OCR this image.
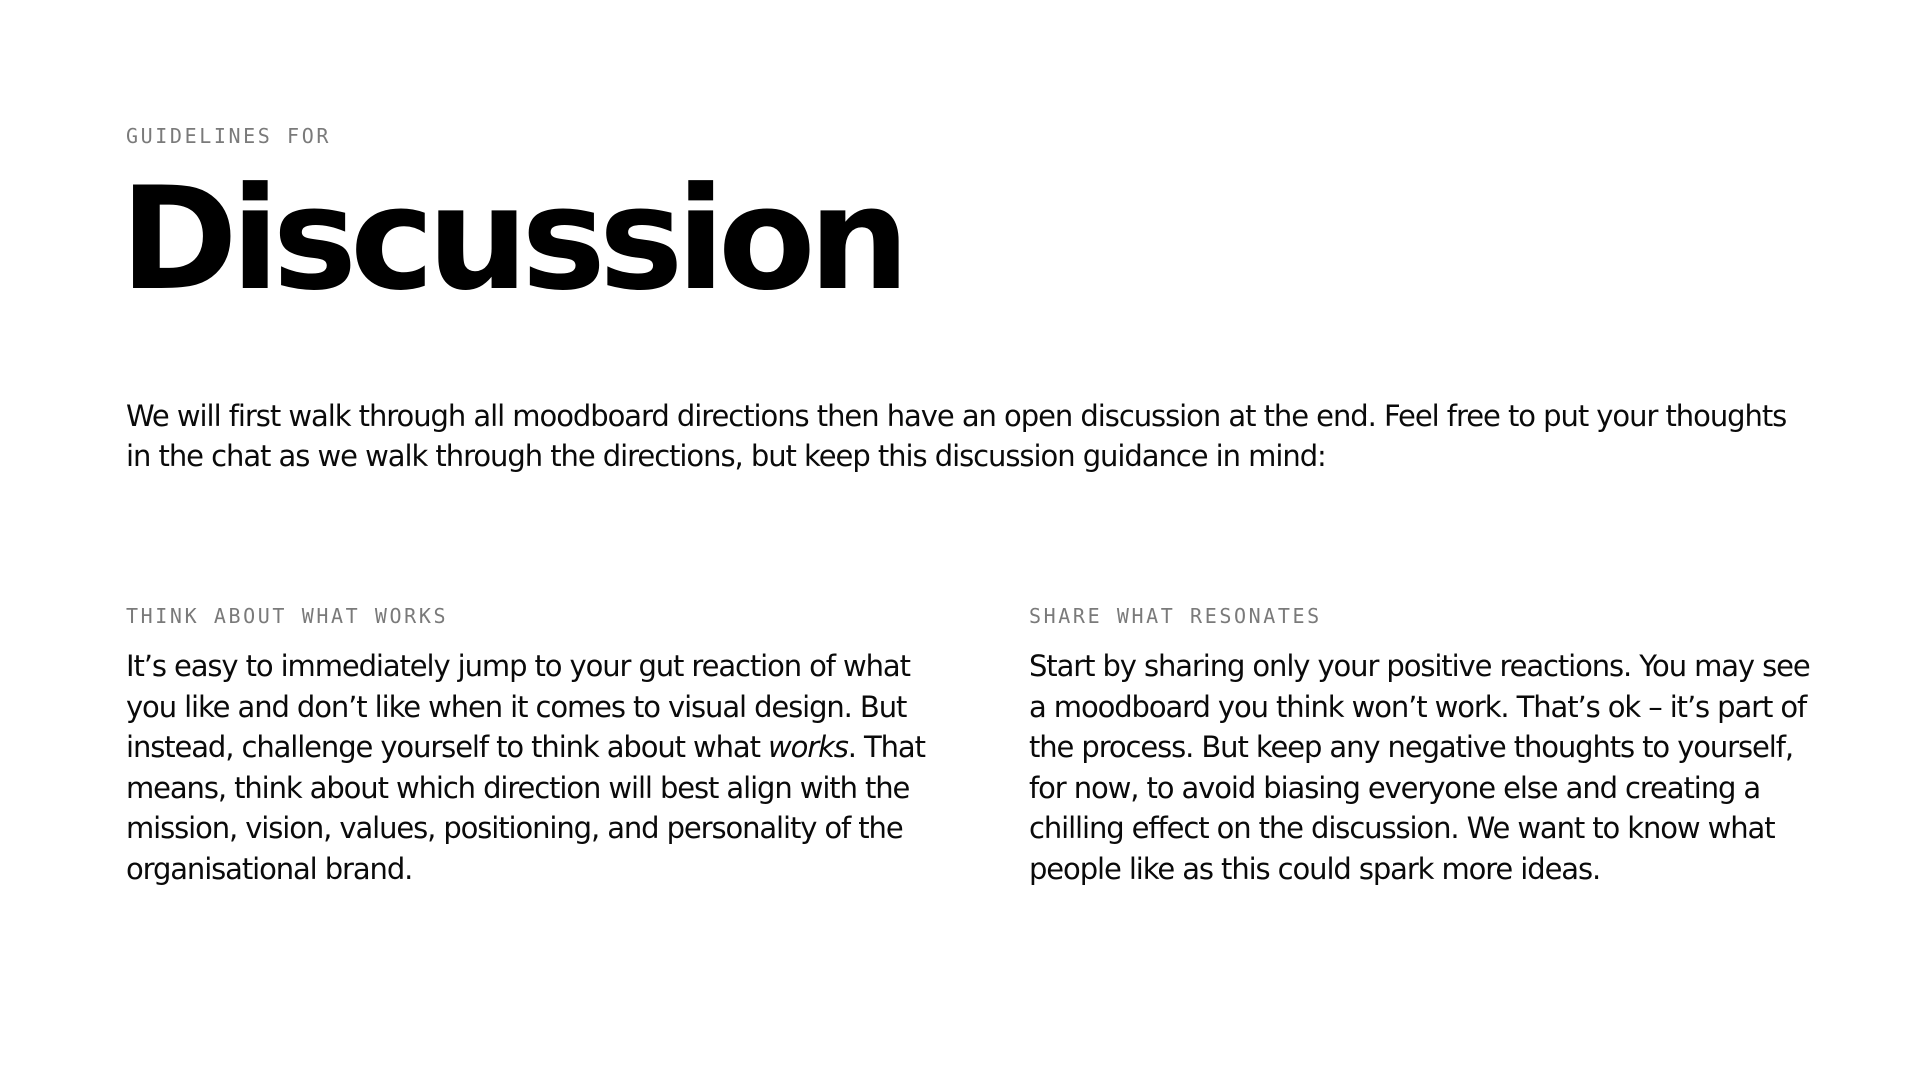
GUIDELINES FOR
Discussion

We will first walk through all moodboard directions then have an open discussion at the end. Feel free to put your thoughts in the chat as we walk through the directions, but keep this discussion guidance in mind:

THINK ABOUT WHAT WORKS

It’s easy to immediately jump to your gut reaction of what you like and don’t like when it comes to visual design. But instead, challenge yourself to think about what works. That means, think about which direction will best align with the mission, vision, values, positioning, and personality of the organisational brand.

SHARE WHAT RESONATES

Start by sharing only your positive reactions. You may see a moodboard you think won’t work. That’s ok – it’s part of the process. But keep any negative thoughts to yourself, for now, to avoid biasing everyone else and creating a chilling effect on the discussion. We want to know what people like as this could spark more ideas.
